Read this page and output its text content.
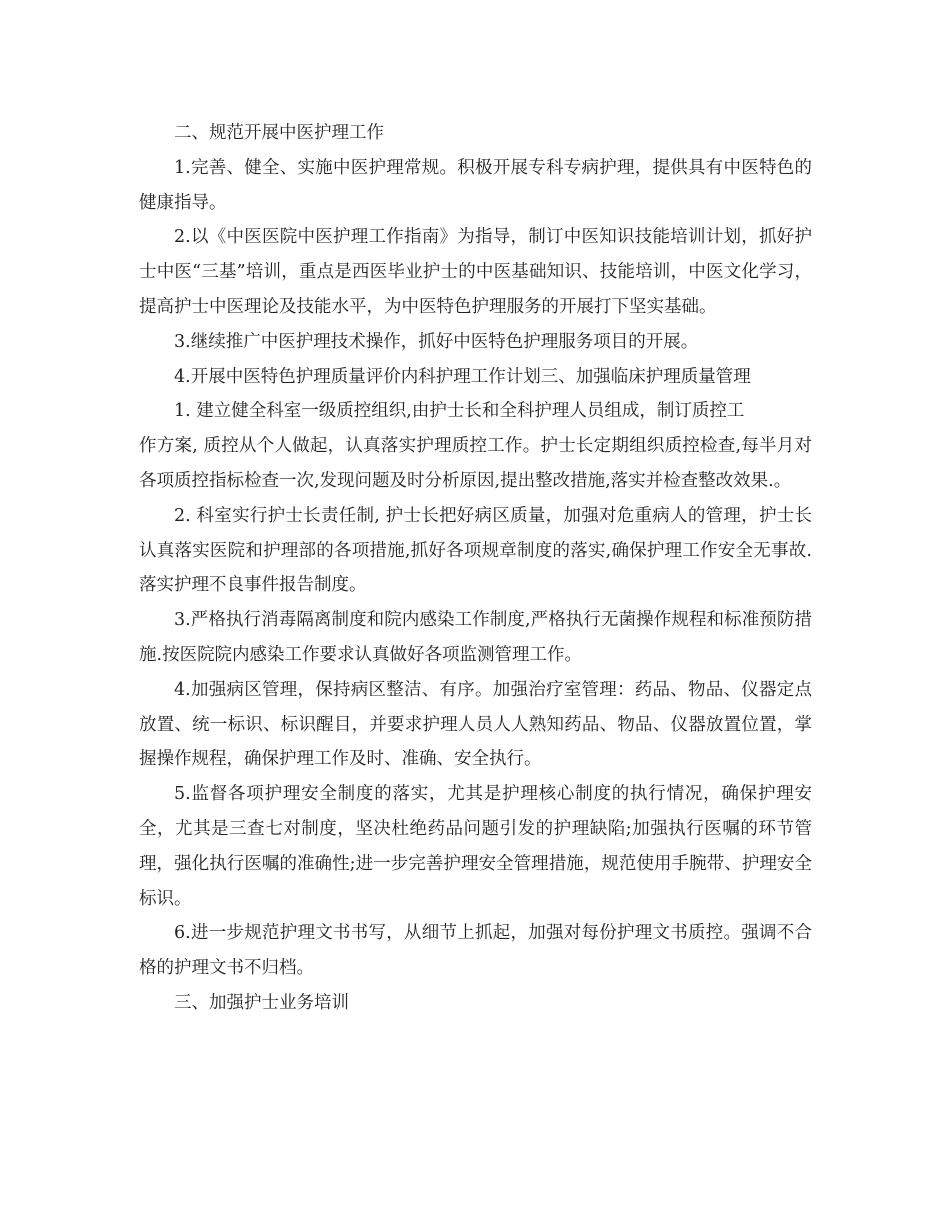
二、规范开展中医护理工作

1.完善、健全、实施中医护理常规。积极开展专科专病护理，提供具有中医特色的健康指导。

2.以《中医医院中医护理工作指南》为指导，制订中医知识技能培训计划，抓好护士中医“三基”培训，重点是西医毕业护士的中医基础知识、技能培训，中医文化学习，提高护士中医理论及技能水平，为中医特色护理服务的开展打下坚实基础。

3.继续推广中医护理技术操作，抓好中医特色护理服务项目的开展。

4.开展中医特色护理质量评价内科护理工作计划三、加强临床护理质量管理

1. 建立健全科室一级质控组织,由护士长和全科护理人员组成，制订质控工

作方案, 质控从个人做起，认真落实护理质控工作。护士长定期组织质控检查,每半月对各项质控指标检查一次,发现问题及时分析原因,提出整改措施,落实并检查整改效果.。

2. 科室实行护士长责任制, 护士长把好病区质量，加强对危重病人的管理，护士长认真落实医院和护理部的各项措施,抓好各项规章制度的落实,确保护理工作安全无事故.落实护理不良事件报告制度。

3.严格执行消毒隔离制度和院内感染工作制度,严格执行无菌操作规程和标准预防措施.按医院院内感染工作要求认真做好各项监测管理工作。

4.加强病区管理，保持病区整洁、有序。加强治疗室管理：药品、物品、仪器定点放置、统一标识、标识醒目，并要求护理人员人人熟知药品、物品、仪器放置位置，掌握操作规程，确保护理工作及时、准确、安全执行。

5.监督各项护理安全制度的落实，尤其是护理核心制度的执行情况，确保护理安全，尤其是三查七对制度，坚决杜绝药品问题引发的护理缺陷;加强执行医嘱的环节管理，强化执行医嘱的准确性;进一步完善护理安全管理措施，规范使用手腕带、护理安全标识。

6.进一步规范护理文书书写，从细节上抓起，加强对每份护理文书质控。强调不合格的护理文书不归档。

三、加强护士业务培训
